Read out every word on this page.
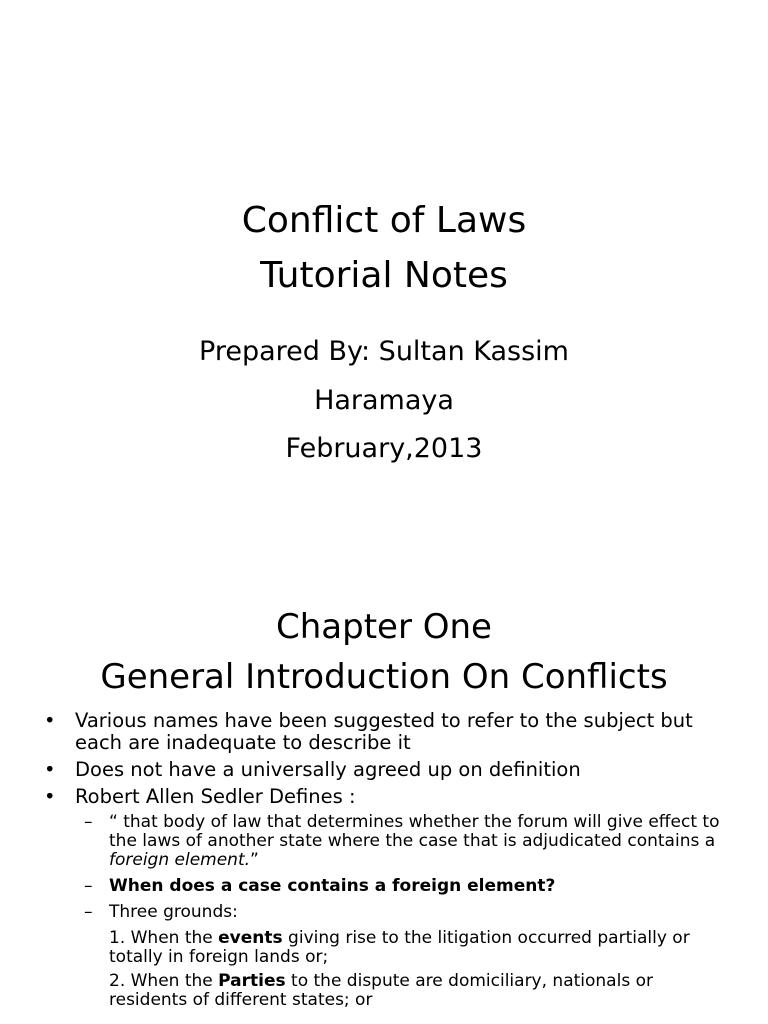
Conflict of Laws
Tutorial Notes
Prepared By: Sultan Kassim
Haramaya
February,2013
Chapter One
General Introduction On Conflicts
• Various names have been suggested to refer to the subject but each are inadequate to describe it
• Does not have a universally agreed up on definition
• Robert Allen Sedler Defines :
– “ that body of law that determines whether the forum will give effect to the laws of another state where the case that is adjudicated contains a foreign element.”
– When does a case contains a foreign element?
– Three grounds:
1. When the events giving rise to the litigation occurred partially or totally in foreign lands or;
2. When the Parties to the dispute are domiciliary, nationals or residents of different states; or
